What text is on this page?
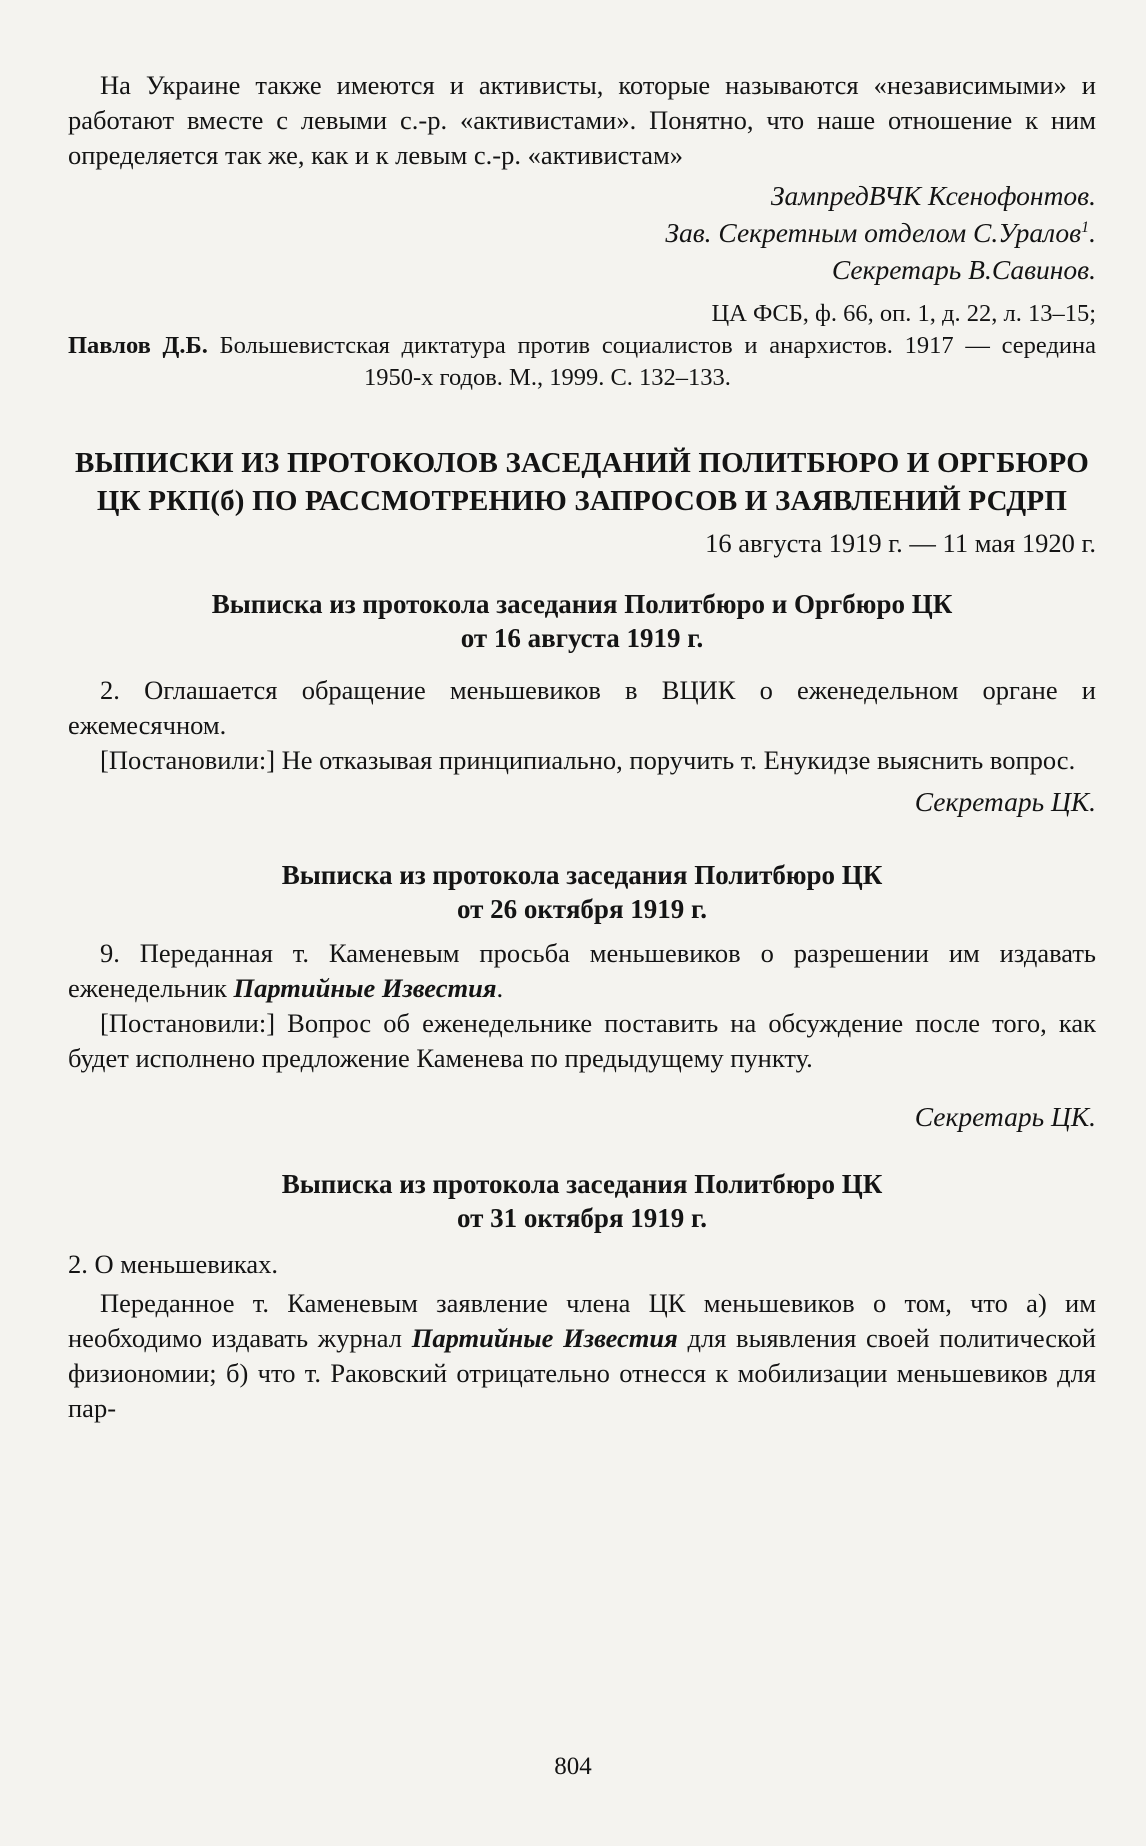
На Украине также имеются и активисты, которые называются «независимыми» и работают вместе с левыми с.-р. «активистами». Понятно, что наше отношение к ним определяется так же, как и к левым с.-р. «активистам»

ЗампредВЧК Ксенофонтов.

Зав. Секретным отделом С.Уралов$^1$.

Секретарь В.Савинов.

ЦА ФСБ, ф. 66, оп. 1, д. 22, л. 13–15;

Павлов Д.Б. Большевистская диктатура против социалистов и анархистов. 1917 — середина 1950-х годов. М., 1999. С. 132–133.

ВЫПИСКИ ИЗ ПРОТОКОЛОВ ЗАСЕДАНИЙ ПОЛИТБЮРО И ОРГБЮРО ЦК РКП(б) ПО РАССМОТРЕНИЮ ЗАПРОСОВ И ЗАЯВЛЕНИЙ РСДРП

16 августа 1919 г. — 11 мая 1920 г.

Выписка из протокола заседания Политбюро и Оргбюро ЦК

от 16 августа 1919 г.

2. Оглашается обращение меньшевиков в ВЦИК о еженедельном органе и ежемесячном.

[Постановили:] Не отказывая принципиально, поручить т. Енукидзе выяснить вопрос.

Секретарь ЦК.

Выписка из протокола заседания Политбюро ЦК

от 26 октября 1919 г.

9. Переданная т. Каменевым просьба меньшевиков о разрешении им издавать еженедельник Партийные Известия.

[Постановили:] Вопрос об еженедельнике поставить на обсуждение после того, как будет исполнено предложение Каменева по предыдущему пункту.

Секретарь ЦК.

Выписка из протокола заседания Политбюро ЦК

от 31 октября 1919 г.

2. О меньшевиках.

Переданное т. Каменевым заявление члена ЦК меньшевиков о том, что а) им необходимо издавать журнал Партийные Известия для выявления своей политической физиономии; б) что т. Раковский отрицательно отнесся к мобилизации меньшевиков для пар-

804
